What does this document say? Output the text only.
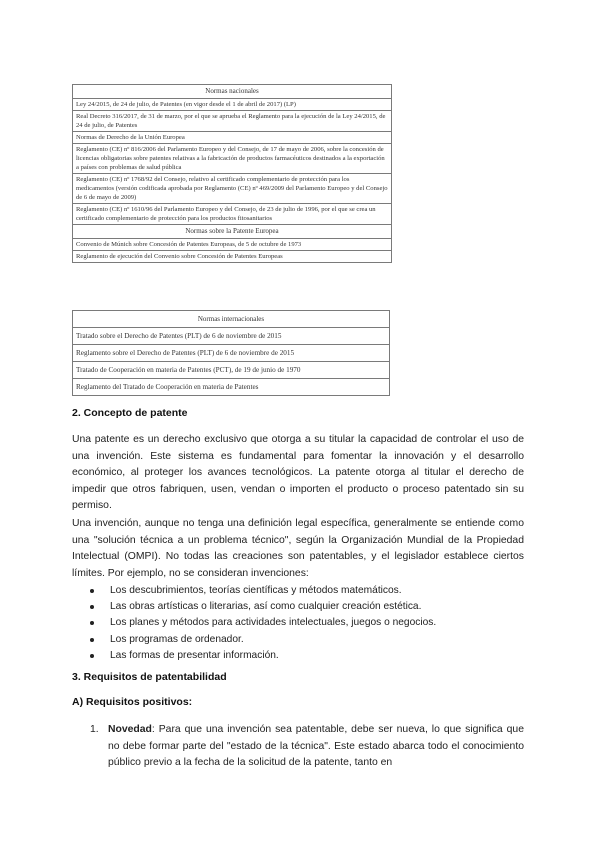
Normas nacionales
Ley 24/2015, de 24 de julio, de Patentes (en vigor desde el 1 de abril de 2017) (LP)
Real Decreto 316/2017, de 31 de marzo, por el que se aprueba el Reglamento para la ejecución de la Ley 24/2015, de 24 de julio, de Patentes
Normas de Derecho de la Unión Europea
Reglamento (CE) nº 816/2006 del Parlamento Europeo y del Consejo, de 17 de mayo de 2006, sobre la concesión de licencias obligatorias sobre patentes relativas a la fabricación de productos farmacéuticos destinados a la exportación a países con problemas de salud pública
Reglamento (CE) nº 1768/92 del Consejo, relativo al certificado complementario de protección para los medicamentos (versión codificada aprobada por Reglamento (CE) nº 469/2009 del Parlamento Europeo y del Consejo de 6 de mayo de 2009)
Reglamento (CE) nº 1610/96 del Parlamento Europeo y del Consejo, de 23 de julio de 1996, por el que se crea un certificado complementario de protección para los productos fitosanitarios
Normas sobre la Patente Europea
Convenio de Múnich sobre Concesión de Patentes Europeas, de 5 de octubre de 1973
Reglamento de ejecución del Convenio sobre Concesión de Patentes Europeas
Normas internacionales
Tratado sobre el Derecho de Patentes (PLT) de 6 de noviembre de 2015
Reglamento sobre el Derecho de Patentes (PLT) de 6 de noviembre de 2015
Tratado de Cooperación en materia de Patentes (PCT), de 19 de junio de 1970
Reglamento del Tratado de Cooperación en materia de Patentes
2. Concepto de patente

Una patente es un derecho exclusivo que otorga a su titular la capacidad de controlar el uso de una invención. Este sistema es fundamental para fomentar la innovación y el desarrollo económico, al proteger los avances tecnológicos. La patente otorga al titular el derecho de impedir que otros fabriquen, usen, vendan o importen el producto o proceso patentado sin su permiso.

Una invención, aunque no tenga una definición legal específica, generalmente se entiende como una "solución técnica a un problema técnico", según la Organización Mundial de la Propiedad Intelectual (OMPI). No todas las creaciones son patentables, y el legislador establece ciertos límites. Por ejemplo, no se consideran invenciones:

Los descubrimientos, teorías científicas y métodos matemáticos.
Las obras artísticas o literarias, así como cualquier creación estética.
Los planes y métodos para actividades intelectuales, juegos o negocios.
Los programas de ordenador.
Las formas de presentar información.
3. Requisitos de patentabilidad
A) Requisitos positivos:
1. Novedad: Para que una invención sea patentable, debe ser nueva, lo que significa que no debe formar parte del "estado de la técnica". Este estado abarca todo el conocimiento público previo a la fecha de la solicitud de la patente, tanto en
